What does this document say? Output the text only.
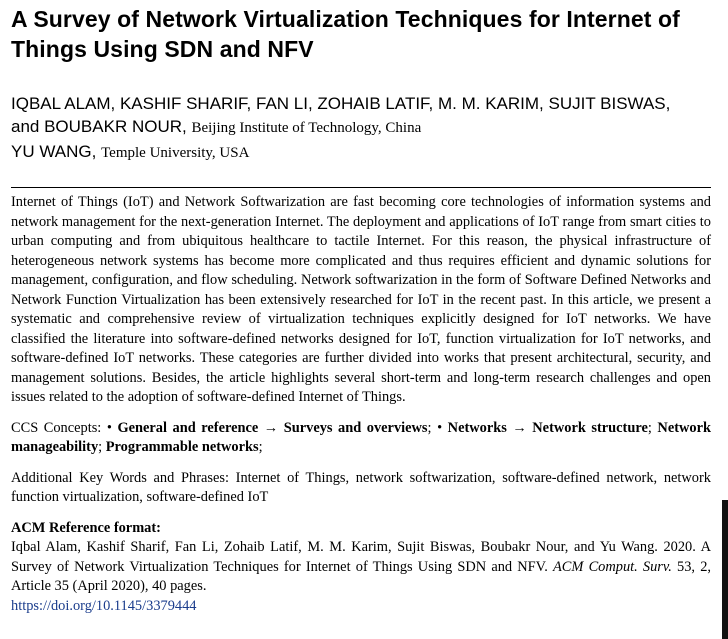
A Survey of Network Virtualization Techniques for Internet of Things Using SDN and NFV
IQBAL ALAM, KASHIF SHARIF, FAN LI, ZOHAIB LATIF, M. M. KARIM, SUJIT BISWAS,
and BOUBAKR NOUR, Beijing Institute of Technology, China
YU WANG, Temple University, USA
Internet of Things (IoT) and Network Softwarization are fast becoming core technologies of information systems and network management for the next-generation Internet. The deployment and applications of IoT range from smart cities to urban computing and from ubiquitous healthcare to tactile Internet. For this reason, the physical infrastructure of heterogeneous network systems has become more complicated and thus requires efficient and dynamic solutions for management, configuration, and flow scheduling. Network softwarization in the form of Software Defined Networks and Network Function Virtualization has been extensively researched for IoT in the recent past. In this article, we present a systematic and comprehensive review of virtualization techniques explicitly designed for IoT networks. We have classified the literature into software-defined networks designed for IoT, function virtualization for IoT networks, and software-defined IoT networks. These categories are further divided into works that present architectural, security, and management solutions. Besides, the article highlights several short-term and long-term research challenges and open issues related to the adoption of software-defined Internet of Things.
CCS Concepts: • General and reference → Surveys and overviews; • Networks → Network structure; Network manageability; Programmable networks;
Additional Key Words and Phrases: Internet of Things, network softwarization, software-defined network, network function virtualization, software-defined IoT
ACM Reference format:
Iqbal Alam, Kashif Sharif, Fan Li, Zohaib Latif, M. M. Karim, Sujit Biswas, Boubakr Nour, and Yu Wang. 2020. A Survey of Network Virtualization Techniques for Internet of Things Using SDN and NFV. ACM Comput. Surv. 53, 2, Article 35 (April 2020), 40 pages.
https://doi.org/10.1145/3379444
